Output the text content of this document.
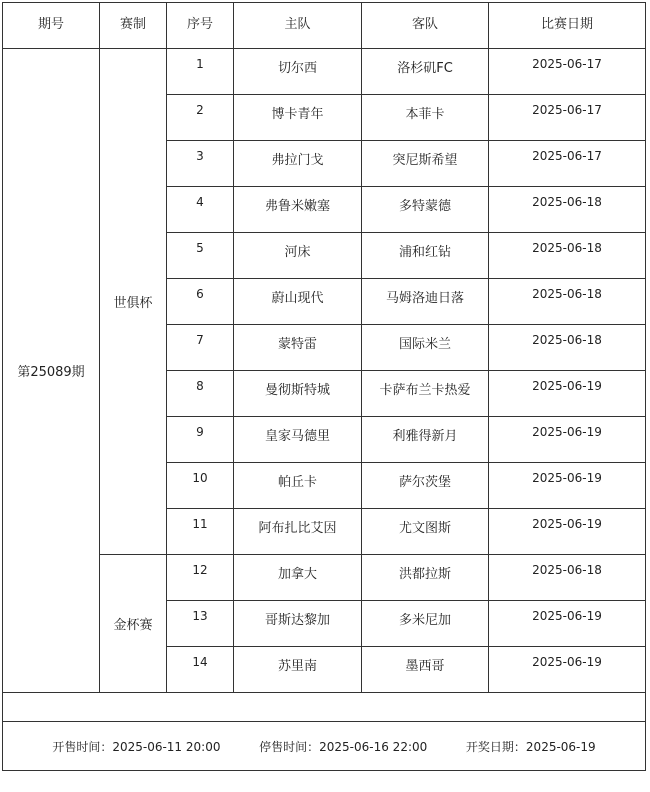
期号	赛制	序号	主队	客队	比赛日期
第25089期	世俱杯	1	切尔西	洛杉矶FC	2025-06-17
		2	博卡青年	本菲卡	2025-06-17
		3	弗拉门戈	突尼斯希望	2025-06-17
		4	弗鲁米嫩塞	多特蒙德	2025-06-18
		5	河床	浦和红钻	2025-06-18
		6	蔚山现代	马姆洛迪日落	2025-06-18
		7	蒙特雷	国际米兰	2025-06-18
		8	曼彻斯特城	卡萨布兰卡热爱	2025-06-19
		9	皇家马德里	利雅得新月	2025-06-19
		10	帕丘卡	萨尔茨堡	2025-06-19
		11	阿布扎比艾因	尤文图斯	2025-06-19
	金杯赛	12	加拿大	洪都拉斯	2025-06-18
		13	哥斯达黎加	多米尼加	2025-06-19
		14	苏里南	墨西哥	2025-06-19

开售时间：2025-06-11 20:00 停售时间：2025-06-16 22:00 开奖日期：2025-06-19					
